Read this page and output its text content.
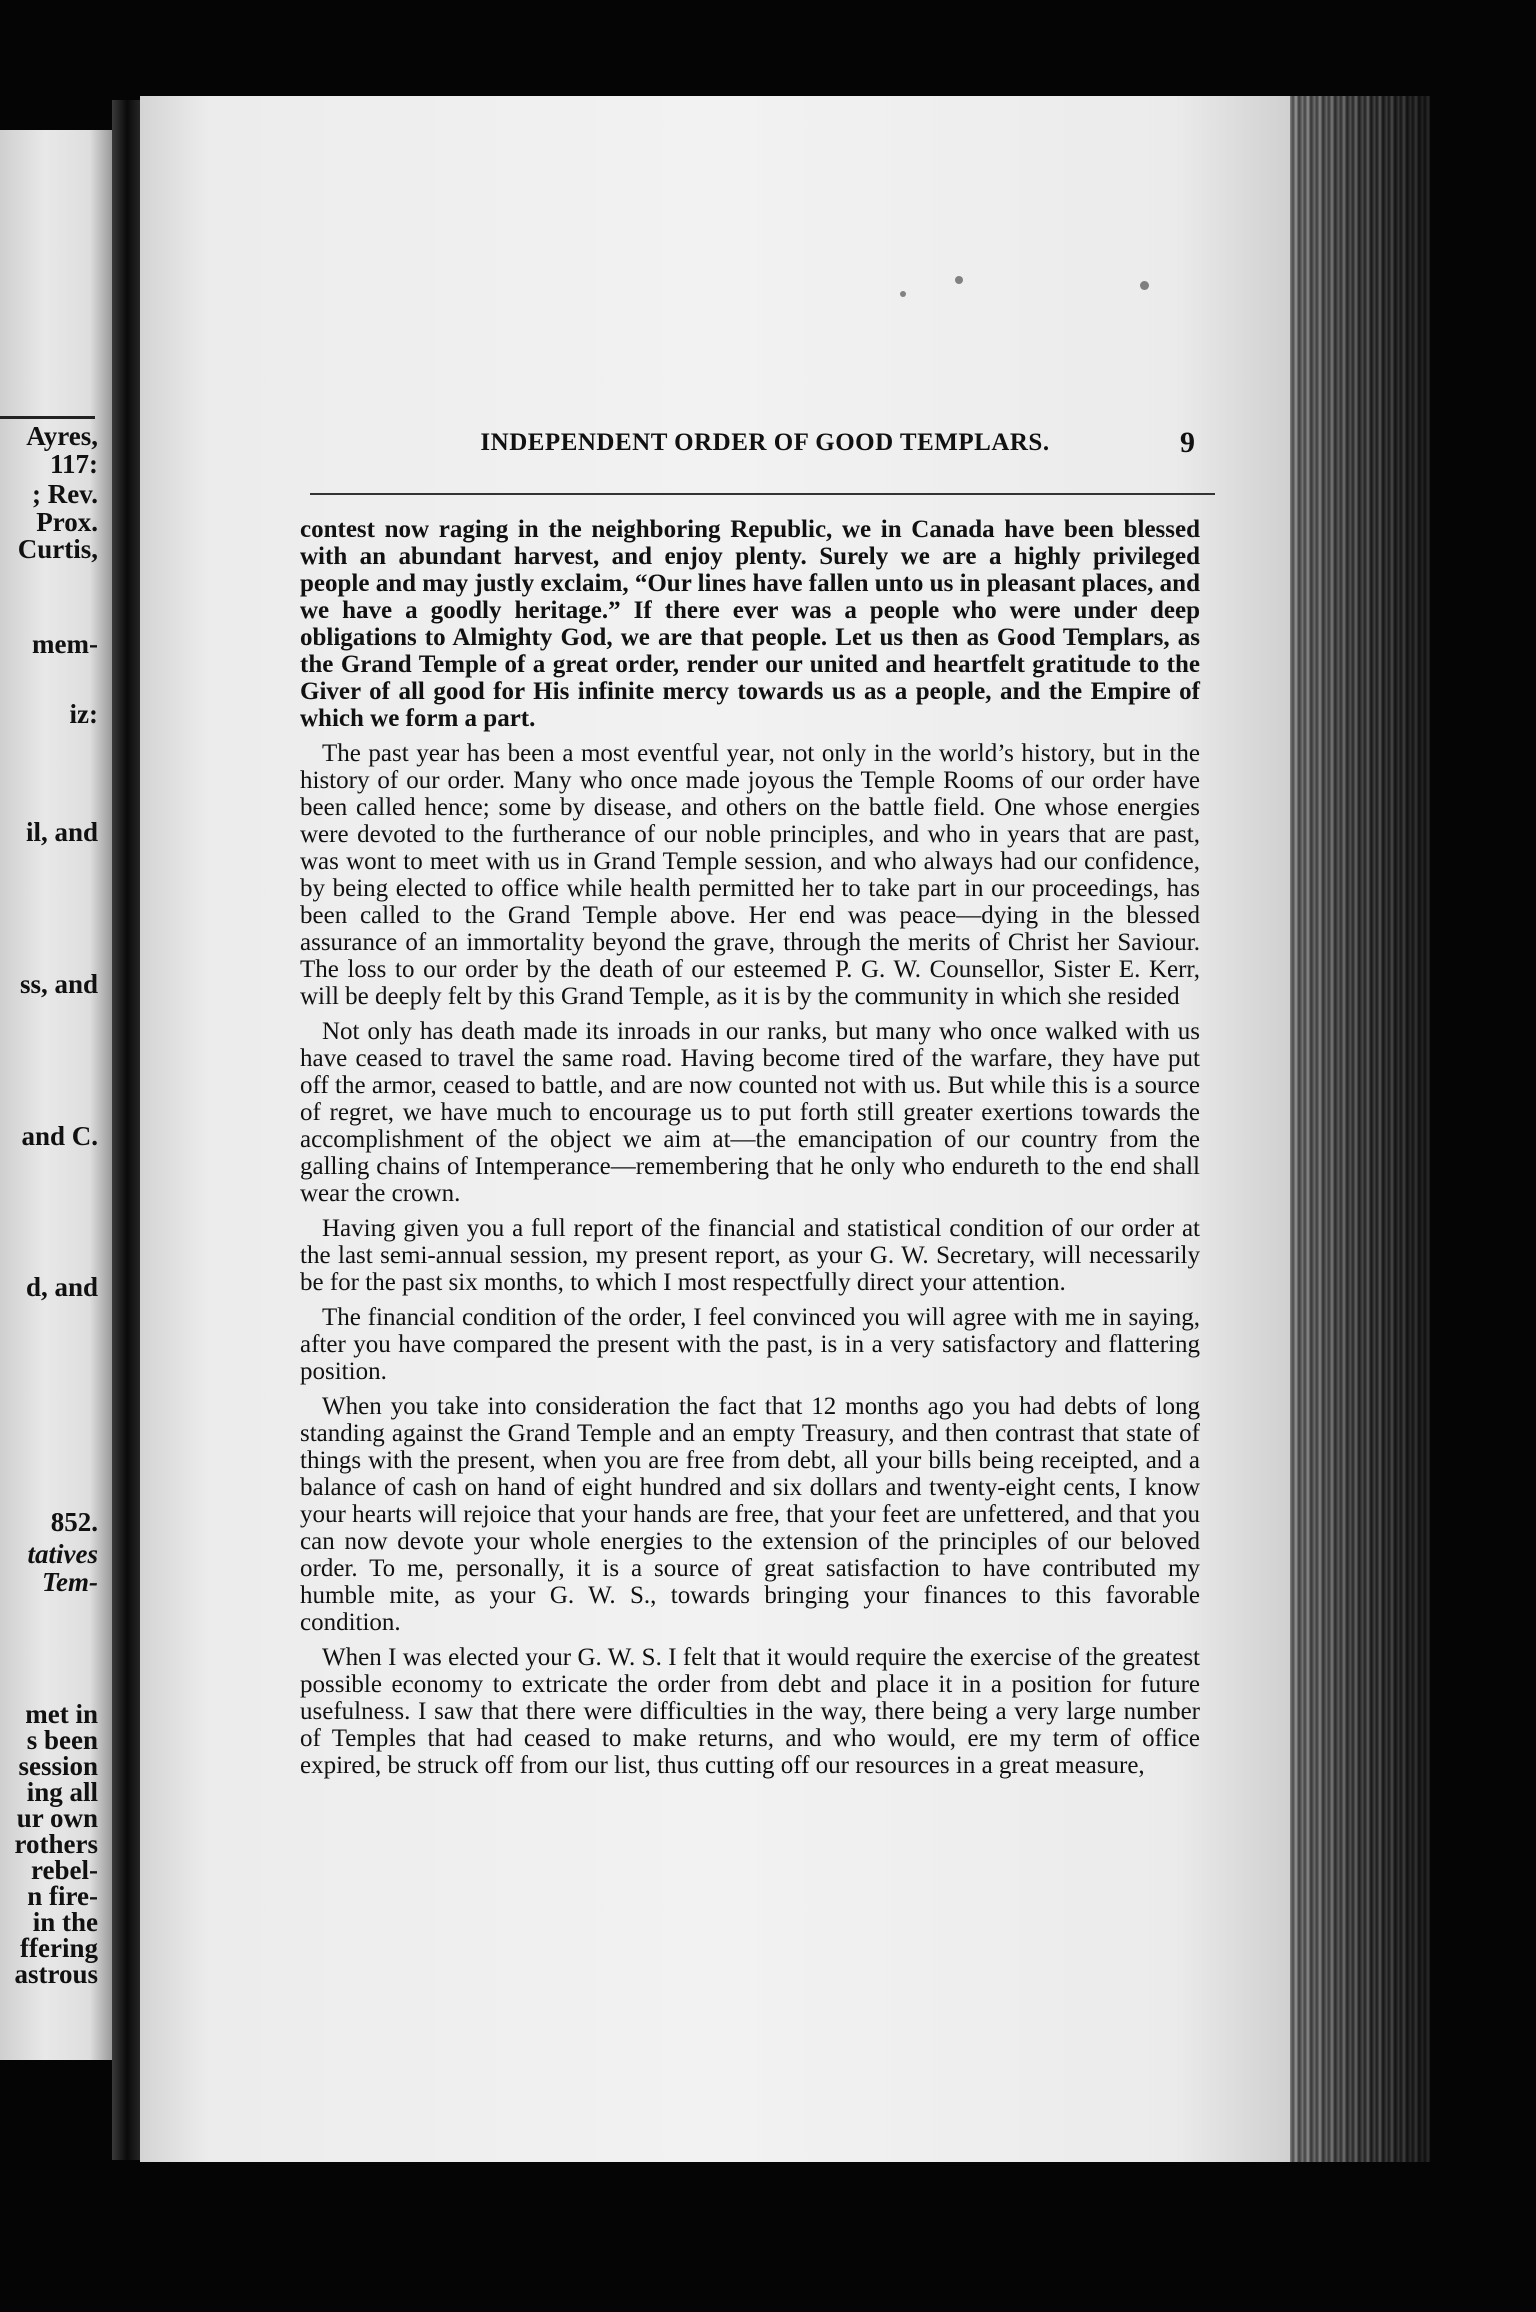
Ayres,
117:
; Rev.
Prox.
Curtis,
mem-
iz:
il, and
ss, and
and C.
d, and
852.
tatives
Tem-
met in
s been
session
ing all
ur own
rothers
rebel-
n fire-
in the
ffering
astrous
INDEPENDENT ORDER OF GOOD TEMPLARS.	9

contest now raging in the neighboring Republic, we in Canada have been blessed with an abundant harvest, and enjoy plenty. Surely we are a highly privileged people and may justly exclaim, “Our lines have fallen unto us in pleasant places, and we have a goodly heritage.” If there ever was a people who were under deep obligations to Almighty God, we are that people. Let us then as Good Templars, as the Grand Temple of a great order, render our united and heartfelt gratitude to the Giver of all good for His infinite mercy towards us as a people, and the Empire of which we form a part.

The past year has been a most eventful year, not only in the world’s history, but in the history of our order. Many who once made joyous the Temple Rooms of our order have been called hence; some by disease, and others on the battle field. One whose energies were devoted to the furtherance of our noble principles, and who in years that are past, was wont to meet with us in Grand Temple session, and who always had our confidence, by being elected to office while health permitted her to take part in our proceedings, has been called to the Grand Temple above. Her end was peace—dying in the blessed assurance of an immortality beyond the grave, through the merits of Christ her Saviour. The loss to our order by the death of our esteemed P. G. W. Counsellor, Sister E. Kerr, will be deeply felt by this Grand Temple, as it is by the community in which she resided

Not only has death made its inroads in our ranks, but many who once walked with us have ceased to travel the same road. Having become tired of the warfare, they have put off the armor, ceased to battle, and are now counted not with us. But while this is a source of regret, we have much to encourage us to put forth still greater exertions towards the accomplishment of the object we aim at—the emancipation of our country from the galling chains of Intemperance—remembering that he only who endureth to the end shall wear the crown.

Having given you a full report of the financial and statistical condition of our order at the last semi-annual session, my present report, as your G. W. Secretary, will necessarily be for the past six months, to which I most respectfully direct your attention.

The financial condition of the order, I feel convinced you will agree with me in saying, after you have compared the present with the past, is in a very satisfactory and flattering position.

When you take into consideration the fact that 12 months ago you had debts of long standing against the Grand Temple and an empty Treasury, and then contrast that state of things with the present, when you are free from debt, all your bills being receipted, and a balance of cash on hand of eight hundred and six dollars and twenty-eight cents, I know your hearts will rejoice that your hands are free, that your feet are unfettered, and that you can now devote your whole energies to the extension of the principles of our beloved order. To me, personally, it is a source of great satisfaction to have contributed my humble mite, as your G. W. S., towards bringing your finances to this favorable condition.

When I was elected your G. W. S. I felt that it would require the exercise of the greatest possible economy to extricate the order from debt and place it in a position for future usefulness. I saw that there were difficulties in the way, there being a very large number of Temples that had ceased to make returns, and who would, ere my term of office expired, be struck off from our list, thus cutting off our resources in a great measure,
